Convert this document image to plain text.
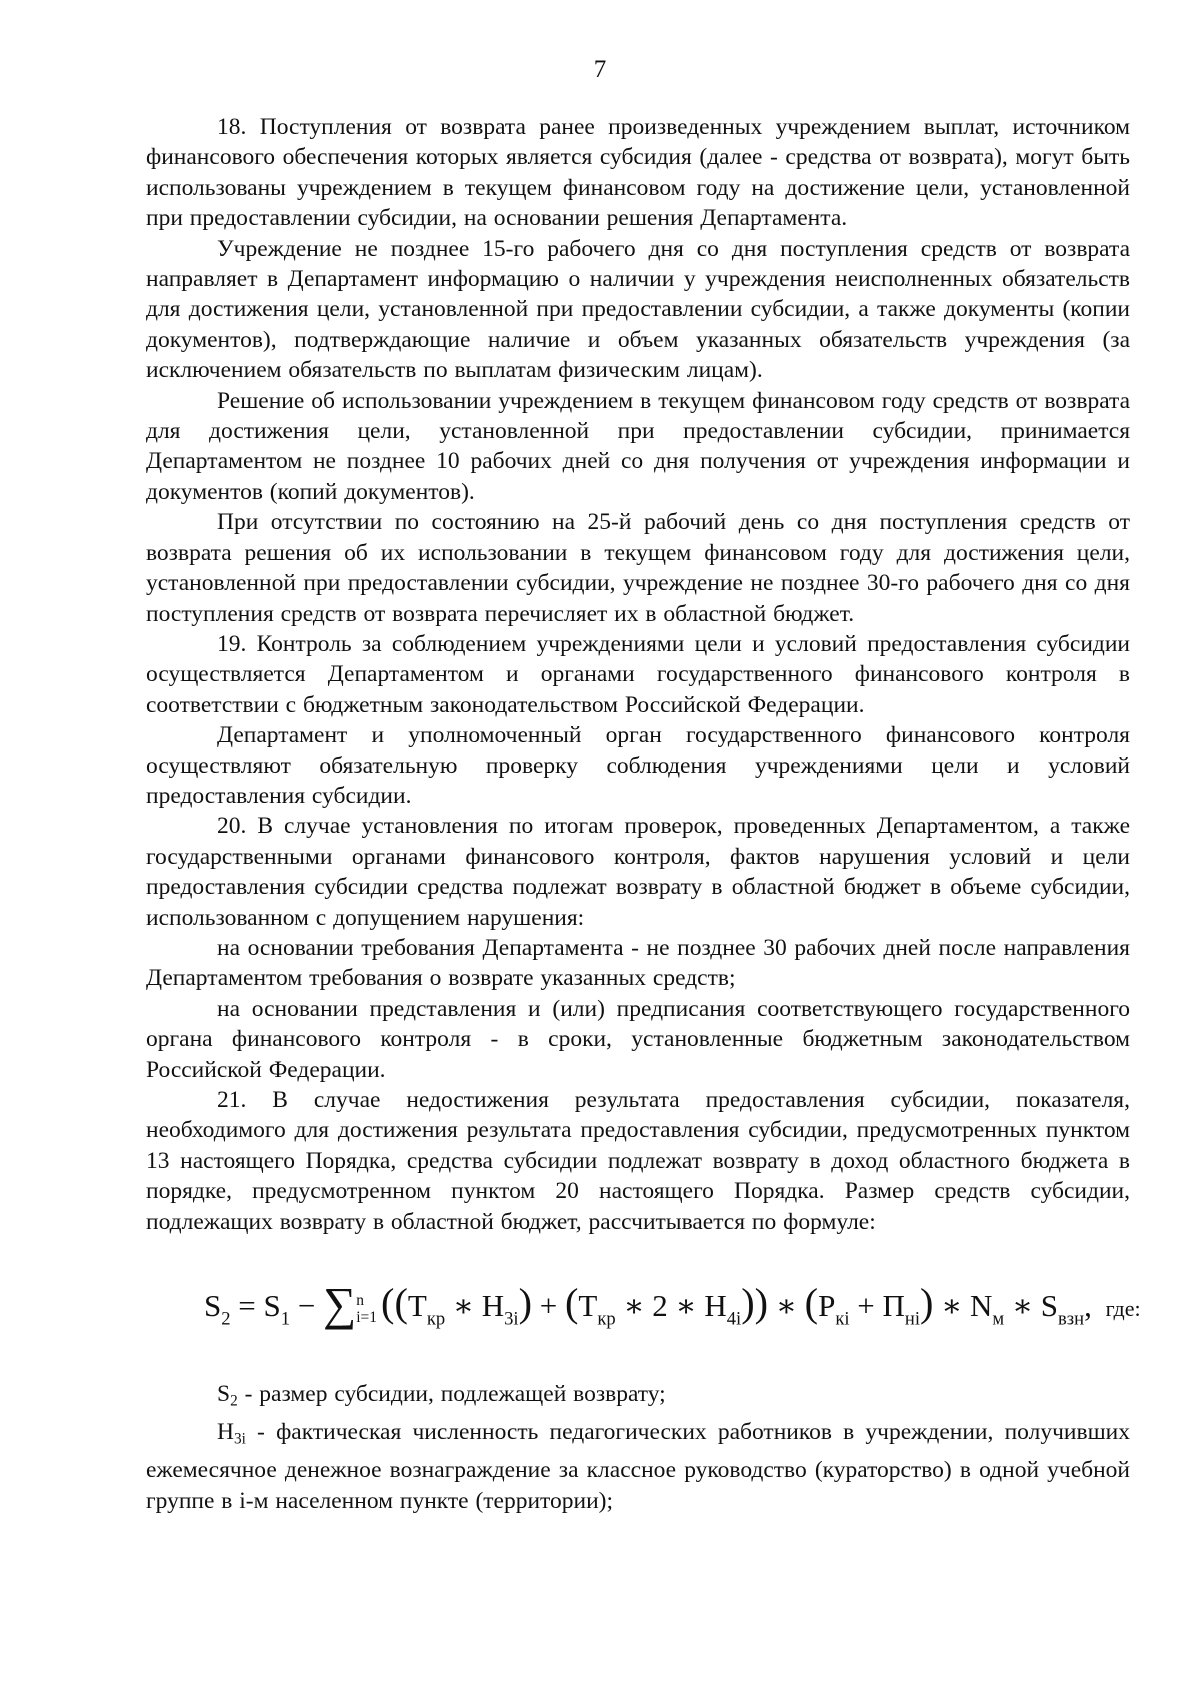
7

18. Поступления от возврата ранее произведенных учреждением выплат, источником финансового обеспечения которых является субсидия (далее - средства от возврата), могут быть использованы учреждением в текущем финансовом году на достижение цели, установленной при предоставлении субсидии, на основании решения Департамента.

Учреждение не позднее 15-го рабочего дня со дня поступления средств от возврата направляет в Департамент информацию о наличии у учреждения неисполненных обязательств для достижения цели, установленной при предоставлении субсидии, а также документы (копии документов), подтверждающие наличие и объем указанных обязательств учреждения (за исключением обязательств по выплатам физическим лицам).

Решение об использовании учреждением в текущем финансовом году средств от возврата для достижения цели, установленной при предоставлении субсидии, принимается Департаментом не позднее 10 рабочих дней со дня получения от учреждения информации и документов (копий документов).

При отсутствии по состоянию на 25-й рабочий день со дня поступления средств от возврата решения об их использовании в текущем финансовом году для достижения цели, установленной при предоставлении субсидии, учреждение не позднее 30-го рабочего дня со дня поступления средств от возврата перечисляет их в областной бюджет.

19. Контроль за соблюдением учреждениями цели и условий предоставления субсидии осуществляется Департаментом и органами государственного финансового контроля в соответствии с бюджетным законодательством Российской Федерации.

Департамент и уполномоченный орган государственного финансового контроля осуществляют обязательную проверку соблюдения учреждениями цели и условий предоставления субсидии.

20. В случае установления по итогам проверок, проведенных Департаментом, а также государственными органами финансового контроля, фактов нарушения условий и цели предоставления субсидии средства подлежат возврату в областной бюджет в объеме субсидии, использованном с допущением нарушения:

на основании требования Департамента - не позднее 30 рабочих дней после направления Департаментом требования о возврате указанных средств;

на основании представления и (или) предписания соответствующего государственного органа финансового контроля - в сроки, установленные бюджетным законодательством Российской Федерации.

21. В случае недостижения результата предоставления субсидии, показателя, необходимого для достижения результата предоставления субсидии, предусмотренных пунктом 13 настоящего Порядка, средства субсидии подлежат возврату в доход областного бюджета в порядке, предусмотренном пунктом 20 настоящего Порядка. Размер средств субсидии, подлежащих возврату в областной бюджет, рассчитывается по формуле:

$S_2 = S_1$ − ∑ n
i=1 (($Т_{кр}$ ∗ $Н_{3i}) + (Т_{кр}$ ∗ 2 ∗ $Н_{4i}$)) ∗ $(Р_{кi} + П_{нi})$ ∗ $N_м$ ∗ $S_{взн}$, где:

$S_2$ - размер субсидии, подлежащей возврату;

$Н_{3i}$ - фактическая численность педагогических работников в учреждении, получивших ежемесячное денежное вознаграждение за классное руководство (кураторство) в одной учебной группе в i-м населенном пункте (территории);
